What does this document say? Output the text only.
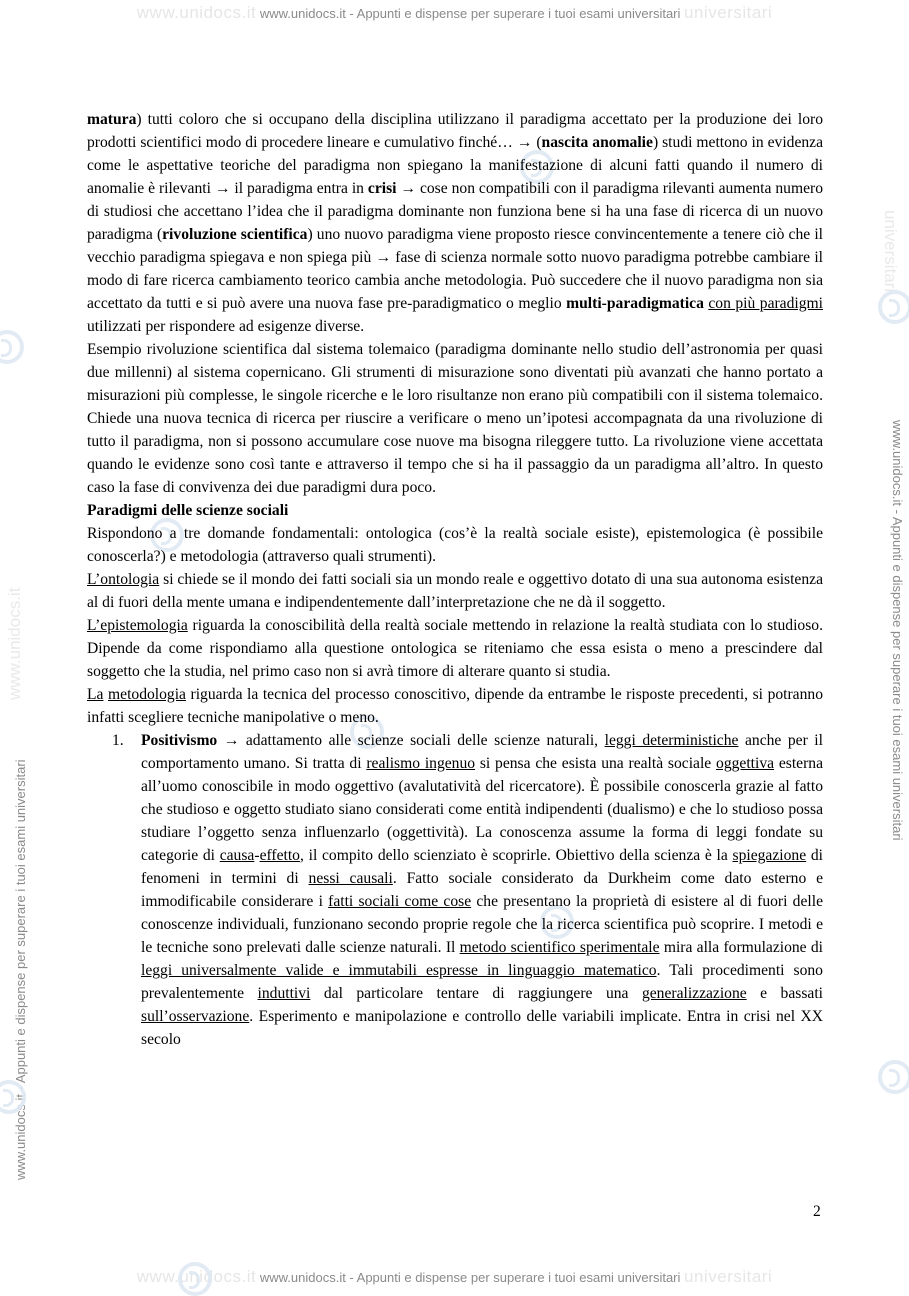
www.unidocs.it www.unidocs.it - Appunti e dispense per superare i tuoi esami universitari universitari
www.unidocs.it www.unidocs.it - Appunti e dispense per superare i tuoi esami universitari universitari
www.unidocs.it - Appunti e dispense per superare i tuoi esami universitari
www.unidocs.it - Appunti e dispense per superare i tuoi esami universitari
www.unidocs.it
universitari

matura) tutti coloro che si occupano della disciplina utilizzano il paradigma accettato per la produzione dei loro prodotti scientifici modo di procedere lineare e cumulativo finché… → (nascita anomalie) studi mettono in evidenza come le aspettative teoriche del paradigma non spiegano la manifestazione di alcuni fatti quando il numero di anomalie è rilevanti → il paradigma entra in crisi → cose non compatibili con il paradigma rilevanti aumenta numero di studiosi che accettano l’idea che il paradigma dominante non funziona bene si ha una fase di ricerca di un nuovo paradigma (rivoluzione scientifica) uno nuovo paradigma viene proposto riesce convincentemente a tenere ciò che il vecchio paradigma spiegava e non spiega più → fase di scienza normale sotto nuovo paradigma potrebbe cambiare il modo di fare ricerca cambiamento teorico cambia anche metodologia. Può succedere che il nuovo paradigma non sia accettato da tutti e si può avere una nuova fase pre-paradigmatico o meglio multi-paradigmatica con più paradigmi utilizzati per rispondere ad esigenze diverse.

Esempio rivoluzione scientifica dal sistema tolemaico (paradigma dominante nello studio dell’astronomia per quasi due millenni) al sistema copernicano. Gli strumenti di misurazione sono diventati più avanzati che hanno portato a misurazioni più complesse, le singole ricerche e le loro risultanze non erano più compatibili con il sistema tolemaico. Chiede una nuova tecnica di ricerca per riuscire a verificare o meno un’ipotesi accompagnata da una rivoluzione di tutto il paradigma, non si possono accumulare cose nuove ma bisogna rileggere tutto. La rivoluzione viene accettata quando le evidenze sono così tante e attraverso il tempo che si ha il passaggio da un paradigma all’altro. In questo caso la fase di convivenza dei due paradigmi dura poco.

Paradigmi delle scienze sociali

Rispondono a tre domande fondamentali: ontologica (cos’è la realtà sociale esiste), epistemologica (è possibile conoscerla?) e metodologia (attraverso quali strumenti).

L’ontologia si chiede se il mondo dei fatti sociali sia un mondo reale e oggettivo dotato di una sua autonoma esistenza al di fuori della mente umana e indipendentemente dall’interpretazione che ne dà il soggetto.

L’epistemologia riguarda la conoscibilità della realtà sociale mettendo in relazione la realtà studiata con lo studioso. Dipende da come rispondiamo alla questione ontologica se riteniamo che essa esista o meno a prescindere dal soggetto che la studia, nel primo caso non si avrà timore di alterare quanto si studia.

La metodologia riguarda la tecnica del processo conoscitivo, dipende da entrambe le risposte precedenti, si potranno infatti scegliere tecniche manipolative o meno.

1. Positivismo → adattamento alle scienze sociali delle scienze naturali, leggi deterministiche anche per il comportamento umano. Si tratta di realismo ingenuo si pensa che esista una realtà sociale oggettiva esterna all’uomo conoscibile in modo oggettivo (avalutatività del ricercatore). È possibile conoscerla grazie al fatto che studioso e oggetto studiato siano considerati come entità indipendenti (dualismo) e che lo studioso possa studiare l’oggetto senza influenzarlo (oggettività). La conoscenza assume la forma di leggi fondate su categorie di causa-effetto, il compito dello scienziato è scoprirle. Obiettivo della scienza è la spiegazione di fenomeni in termini di nessi causali. Fatto sociale considerato da Durkheim come dato esterno e immodificabile considerare i fatti sociali come cose che presentano la proprietà di esistere al di fuori delle conoscenze individuali, funzionano secondo proprie regole che la ricerca scientifica può scoprire. I metodi e le tecniche sono prelevati dalle scienze naturali. Il metodo scientifico sperimentale mira alla formulazione di leggi universalmente valide e immutabili espresse in linguaggio matematico. Tali procedimenti sono prevalentemente induttivi dal particolare tentare di raggiungere una generalizzazione e bassati sull’osservazione. Esperimento e manipolazione e controllo delle variabili implicate. Entra in crisi nel XX secolo
2
